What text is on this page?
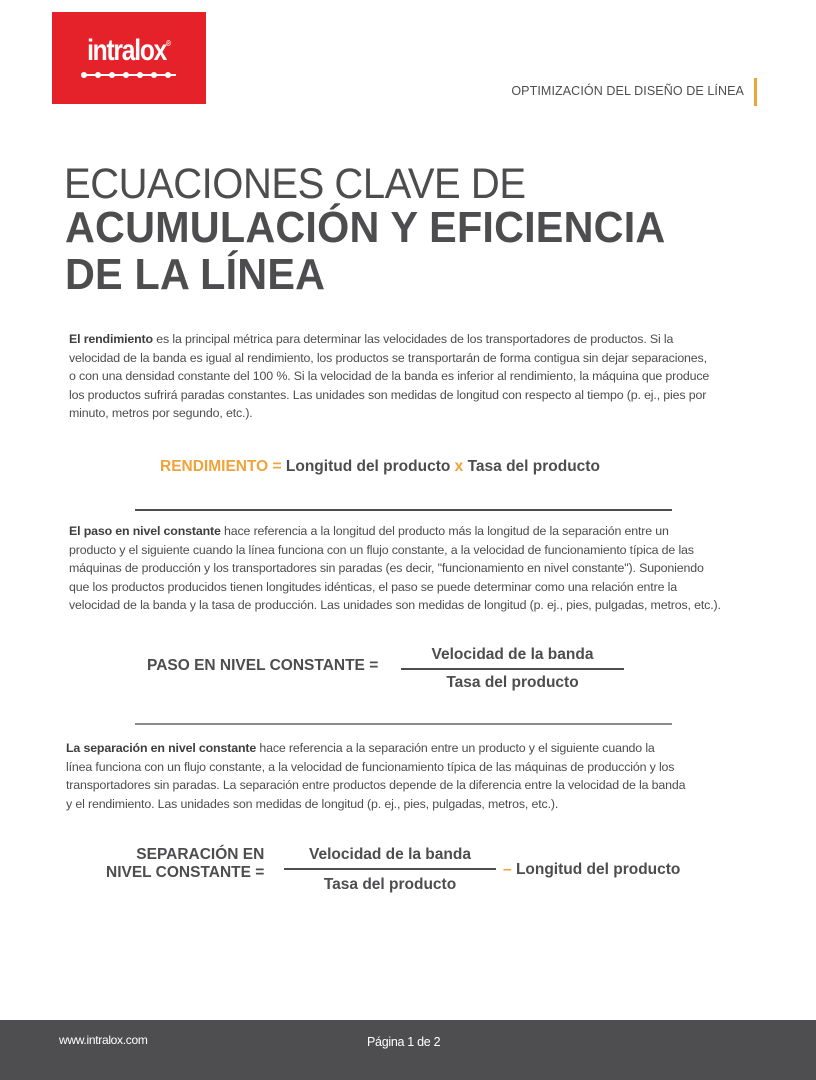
intralox®
OPTIMIZACIÓN DEL DISEÑO DE LÍNEA
ECUACIONES CLAVE DE
ACUMULACIÓN Y EFICIENCIA
DE LA LÍNEA
El rendimiento es la principal métrica para determinar las velocidades de los transportadores de productos. Si la
velocidad de la banda es igual al rendimiento, los productos se transportarán de forma contigua sin dejar separaciones,
o con una densidad constante del 100 %. Si la velocidad de la banda es inferior al rendimiento, la máquina que produce
los productos sufrirá paradas constantes. Las unidades son medidas de longitud con respecto al tiempo (p. ej., pies por
minuto, metros por segundo, etc.).
RENDIMIENTO = Longitud del producto x Tasa del producto
El paso en nivel constante hace referencia a la longitud del producto más la longitud de la separación entre un
producto y el siguiente cuando la línea funciona con un flujo constante, a la velocidad de funcionamiento típica de las
máquinas de producción y los transportadores sin paradas (es decir, "funcionamiento en nivel constante"). Suponiendo
que los productos producidos tienen longitudes idénticas, el paso se puede determinar como una relación entre la
velocidad de la banda y la tasa de producción. Las unidades son medidas de longitud (p. ej., pies, pulgadas, metros, etc.).
PASO EN NIVEL CONSTANTE =
Velocidad de la banda
Tasa del producto
La separación en nivel constante hace referencia a la separación entre un producto y el siguiente cuando la
línea funciona con un flujo constante, a la velocidad de funcionamiento típica de las máquinas de producción y los
transportadores sin paradas. La separación entre productos depende de la diferencia entre la velocidad de la banda
y el rendimiento. Las unidades son medidas de longitud (p. ej., pies, pulgadas, metros, etc.).
SEPARACIÓN EN
NIVEL CONSTANTE =
Velocidad de la banda
Tasa del producto
– Longitud del producto
www.intralox.com	Página 1 de 2
